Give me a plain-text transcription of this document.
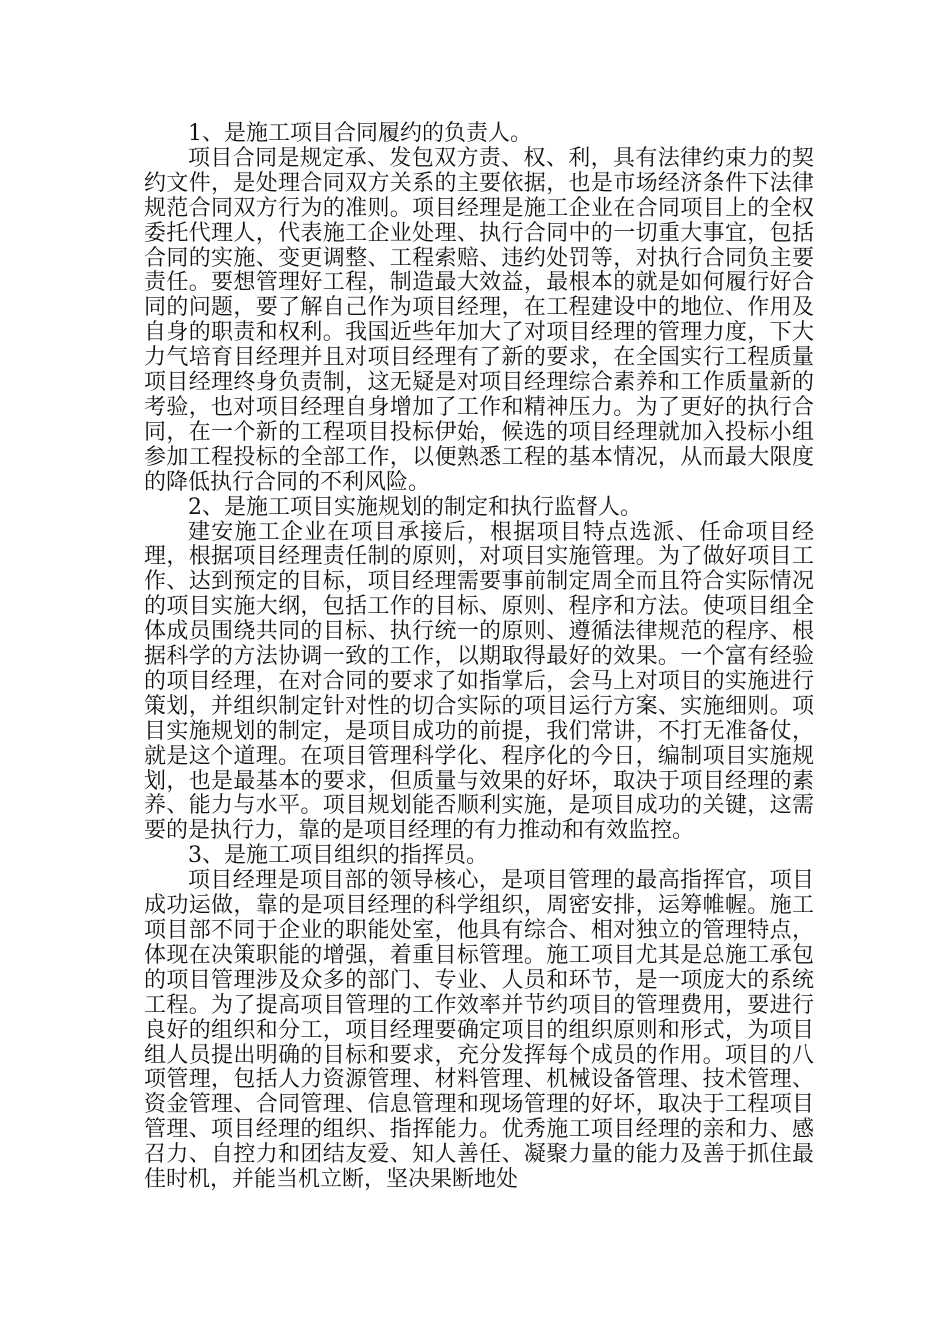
1、是施工项目合同履约的负责人。

项目合同是规定承、发包双方责、权、利，具有法律约束力的契约文件，是处理合同双方关系的主要依据，也是市场经济条件下法律规范合同双方行为的准则。项目经理是施工企业在合同项目上的全权委托代理人，代表施工企业处理、执行合同中的一切重大事宜，包括合同的实施、变更调整、工程索赔、违约处罚等，对执行合同负主要责任。要想管理好工程，制造最大效益，最根本的就是如何履行好合同的问题，要了解自己作为项目经理，在工程建设中的地位、作用及自身的职责和权利。我国近些年加大了对项目经理的管理力度，下大力气培育目经理并且对项目经理有了新的要求，在全国实行工程质量项目经理终身负责制，这无疑是对项目经理综合素养和工作质量新的考验，也对项目经理自身增加了工作和精神压力。为了更好的执行合同，在一个新的工程项目投标伊始，候选的项目经理就加入投标小组参加工程投标的全部工作，以便熟悉工程的基本情况，从而最大限度的降低执行合同的不利风险。

2、是施工项目实施规划的制定和执行监督人。

建安施工企业在项目承接后，根据项目特点选派、任命项目经理，根据项目经理责任制的原则，对项目实施管理。为了做好项目工作、达到预定的目标，项目经理需要事前制定周全而且符合实际情况的项目实施大纲，包括工作的目标、原则、程序和方法。使项目组全体成员围绕共同的目标、执行统一的原则、遵循法律规范的程序、根据科学的方法协调一致的工作，以期取得最好的效果。一个富有经验的项目经理，在对合同的要求了如指掌后，会马上对项目的实施进行策划，并组织制定针对性的切合实际的项目运行方案、实施细则。项目实施规划的制定，是项目成功的前提，我们常讲，不打无准备仗，就是这个道理。在项目管理科学化、程序化的今日，编制项目实施规划，也是最基本的要求，但质量与效果的好坏，取决于项目经理的素养、能力与水平。项目规划能否顺利实施，是项目成功的关键，这需要的是执行力，靠的是项目经理的有力推动和有效监控。

3、是施工项目组织的指挥员。

项目经理是项目部的领导核心，是项目管理的最高指挥官，项目成功运做，靠的是项目经理的科学组织，周密安排，运筹帷幄。施工项目部不同于企业的职能处室，他具有综合、相对独立的管理特点，体现在决策职能的增强，着重目标管理。施工项目尤其是总施工承包的项目管理涉及众多的部门、专业、人员和环节，是一项庞大的系统工程。为了提高项目管理的工作效率并节约项目的管理费用，要进行良好的组织和分工，项目经理要确定项目的组织原则和形式，为项目组人员提出明确的目标和要求，充分发挥每个成员的作用。项目的八项管理，包括人力资源管理、材料管理、机械设备管理、技术管理、资金管理、合同管理、信息管理和现场管理的好坏，取决于工程项目管理、项目经理的组织、指挥能力。优秀施工项目经理的亲和力、感召力、自控力和团结友爱、知人善任、凝聚力量的能力及善于抓住最佳时机，并能当机立断，坚决果断地处
